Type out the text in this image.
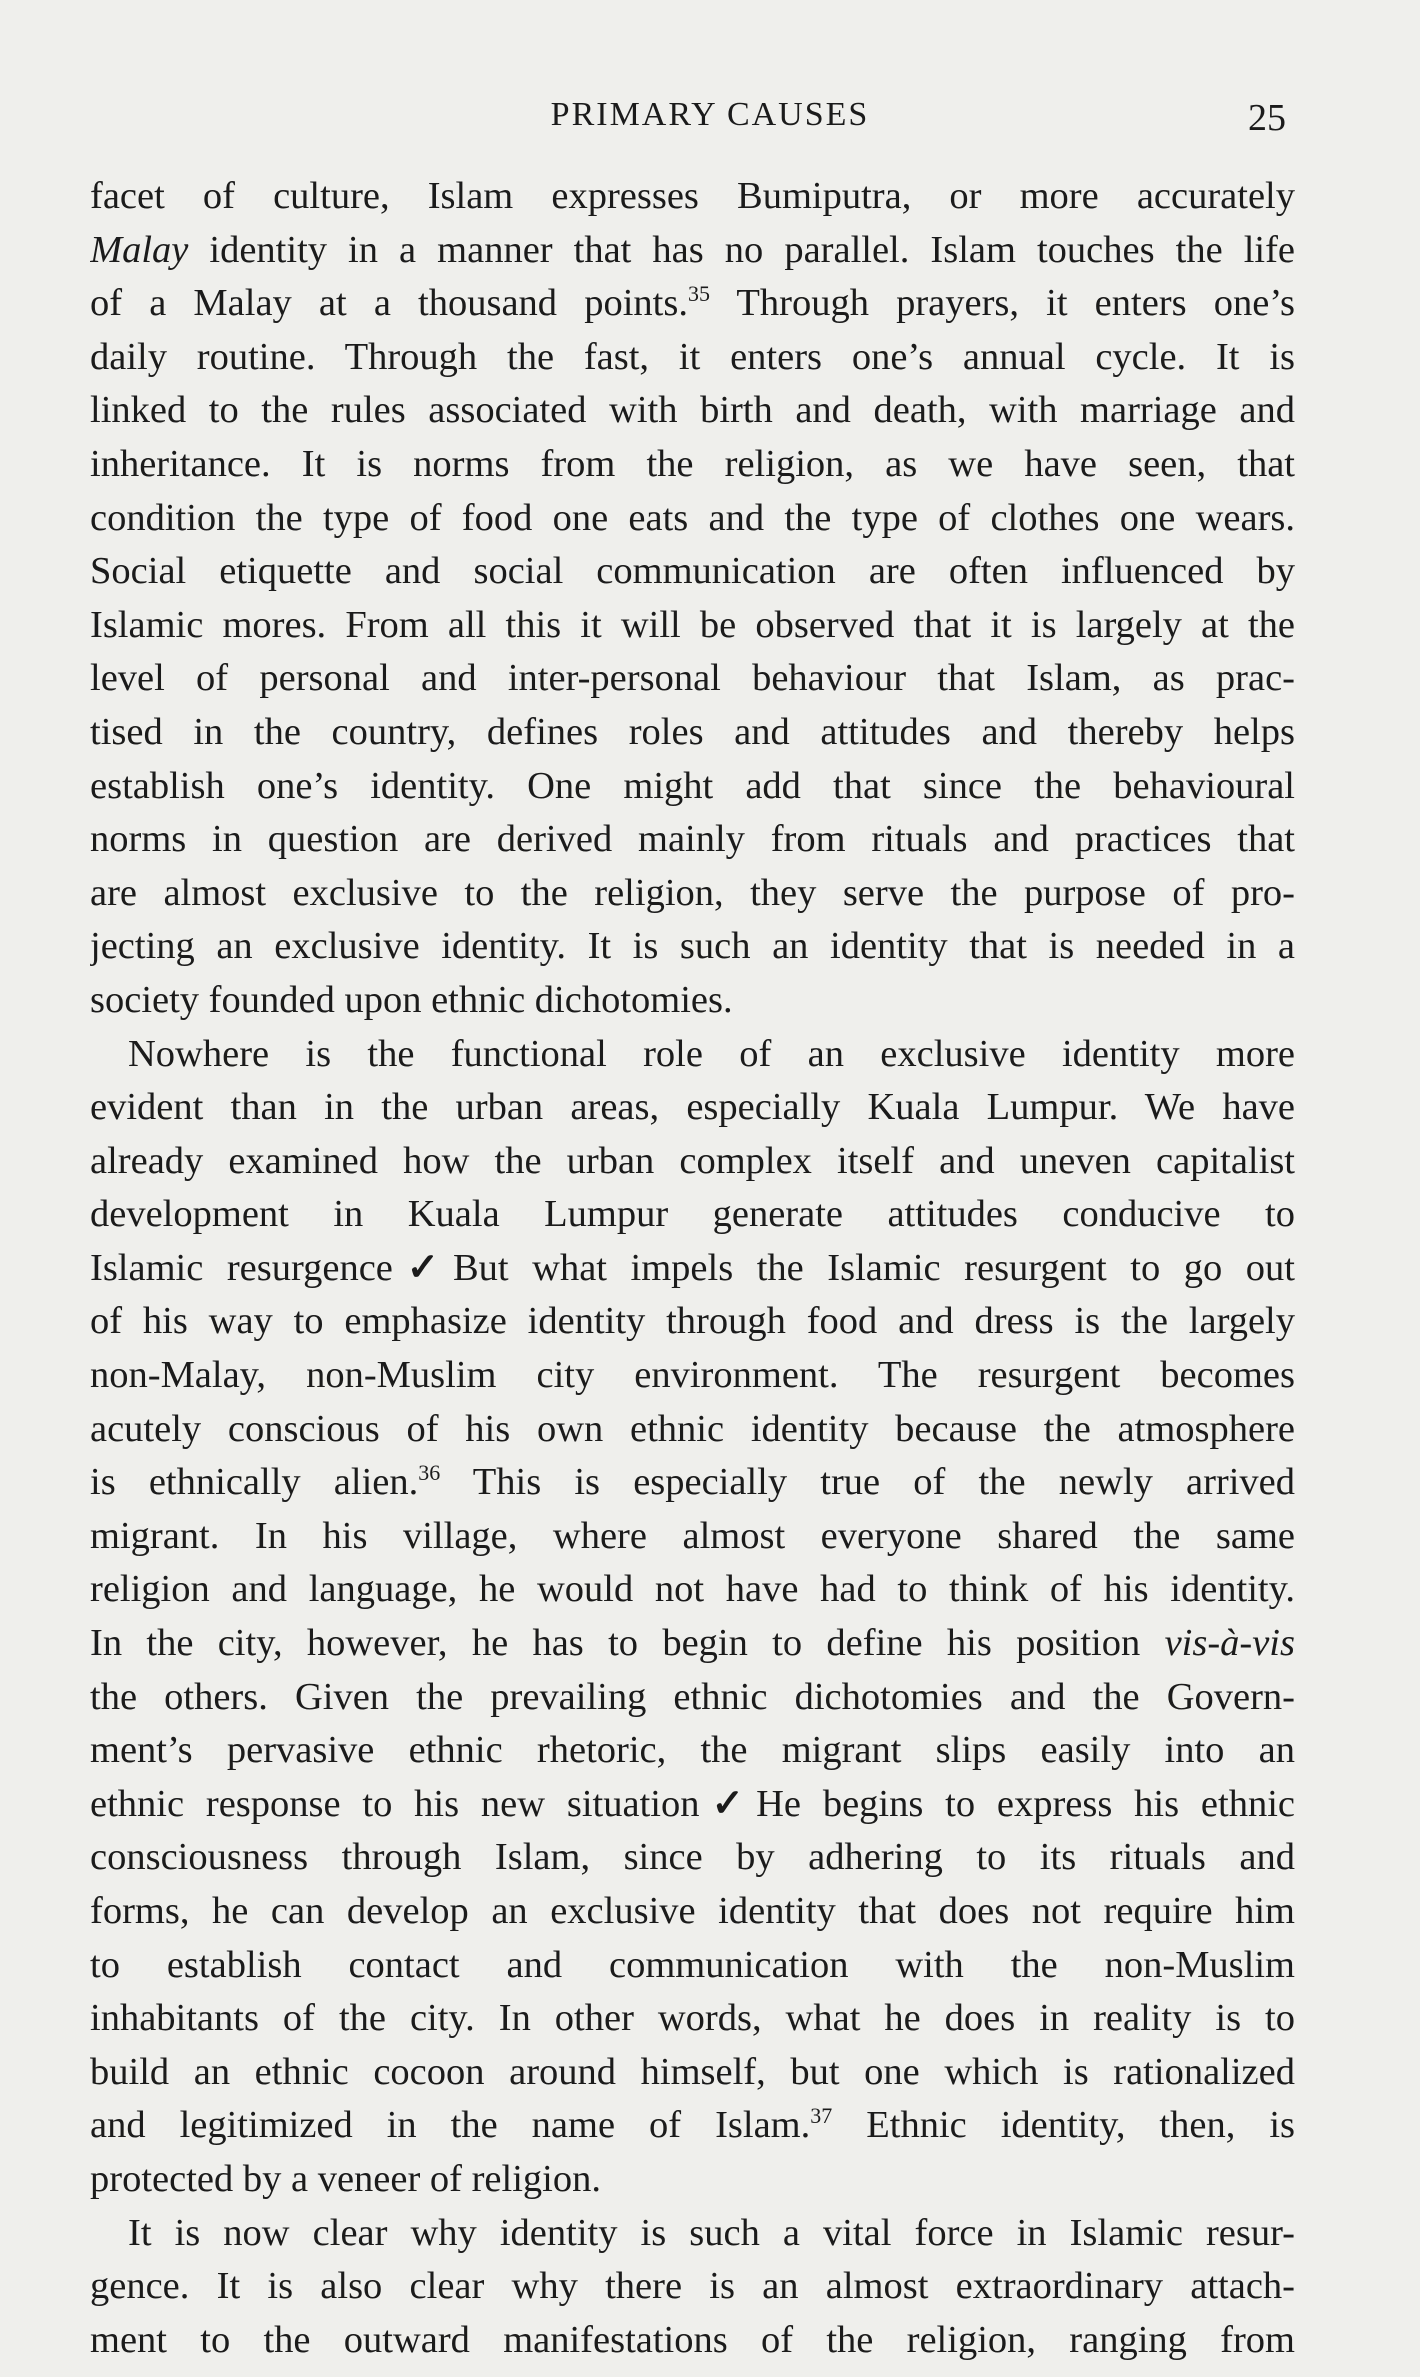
PRIMARY CAUSES	25
facet of culture, Islam expresses Bumiputra, or more accurately
Malay identity in a manner that has no parallel. Islam touches the life
of a Malay at a thousand points.$^{35}$ Through prayers, it enters one’s
daily routine. Through the fast, it enters one’s annual cycle. It is
linked to the rules associated with birth and death, with marriage and
inheritance. It is norms from the religion, as we have seen, that
condition the type of food one eats and the type of clothes one wears.
Social etiquette and social communication are often influenced by
Islamic mores. From all this it will be observed that it is largely at the
level of personal and inter-personal behaviour that Islam, as prac-
tised in the country, defines roles and attitudes and thereby helps
establish one’s identity. One might add that since the behavioural
norms in question are derived mainly from rituals and practices that
are almost exclusive to the religion, they serve the purpose of pro-
jecting an exclusive identity. It is such an identity that is needed in a
society founded upon ethnic dichotomies.
Nowhere is the functional role of an exclusive identity more
evident than in the urban areas, especially Kuala Lumpur. We have
already examined how the urban complex itself and uneven capitalist
development in Kuala Lumpur generate attitudes conducive to
Islamic resurgence✓But what impels the Islamic resurgent to go out
of his way to emphasize identity through food and dress is the largely
non-Malay, non-Muslim city environment. The resurgent becomes
acutely conscious of his own ethnic identity because the atmosphere
is ethnically alien.$^{36}$ This is especially true of the newly arrived
migrant. In his village, where almost everyone shared the same
religion and language, he would not have had to think of his identity.
In the city, however, he has to begin to define his position vis-à-vis
the others. Given the prevailing ethnic dichotomies and the Govern-
ment’s pervasive ethnic rhetoric, the migrant slips easily into an
ethnic response to his new situation✓He begins to express his ethnic
consciousness through Islam, since by adhering to its rituals and
forms, he can develop an exclusive identity that does not require him
to establish contact and communication with the non-Muslim
inhabitants of the city. In other words, what he does in reality is to
build an ethnic cocoon around himself, but one which is rationalized
and legitimized in the name of Islam.$^{37}$ Ethnic identity, then, is
protected by a veneer of religion.
It is now clear why identity is such a vital force in Islamic resur-
gence. It is also clear why there is an almost extraordinary attach-
ment to the outward manifestations of the religion, ranging from
